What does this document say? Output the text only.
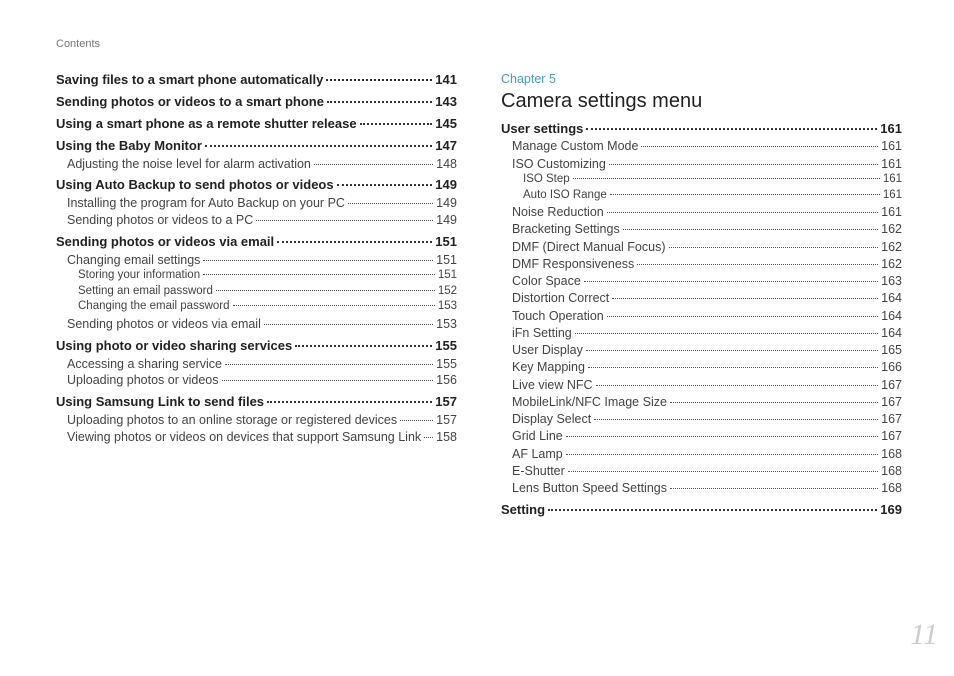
Contents
Saving files to a smart phone automatically	141
Sending photos or videos to a smart phone	143
Using a smart phone as a remote shutter release	145
Using the Baby Monitor	147
Adjusting the noise level for alarm activation	148
Using Auto Backup to send photos or videos	149
Installing the program for Auto Backup on your PC	149
Sending photos or videos to a PC	149
Sending photos or videos via email	151
Changing email settings	151
Storing your information	151
Setting an email password	152
Changing the email password	153
Sending photos or videos via email	153
Using photo or video sharing services	155
Accessing a sharing service	155
Uploading photos or videos	156
Using Samsung Link to send files	157
Uploading photos to an online storage or registered devices	157
Viewing photos or videos on devices that support Samsung Link 158
Chapter 5
Camera settings menu
User settings	161
Manage Custom Mode	161
ISO Customizing	161
ISO Step	161
Auto ISO Range	161
Noise Reduction	161
Bracketing Settings	162
DMF (Direct Manual Focus)	162
DMF Responsiveness	162
Color Space	163
Distortion Correct	164
Touch Operation	164
iFn Setting	164
User Display	165
Key Mapping	166
Live view NFC	167
MobileLink/NFC Image Size	167
Display Select	167
Grid Line	167
AF Lamp	168
E-Shutter	168
Lens Button Speed Settings	168
Setting	169
11
